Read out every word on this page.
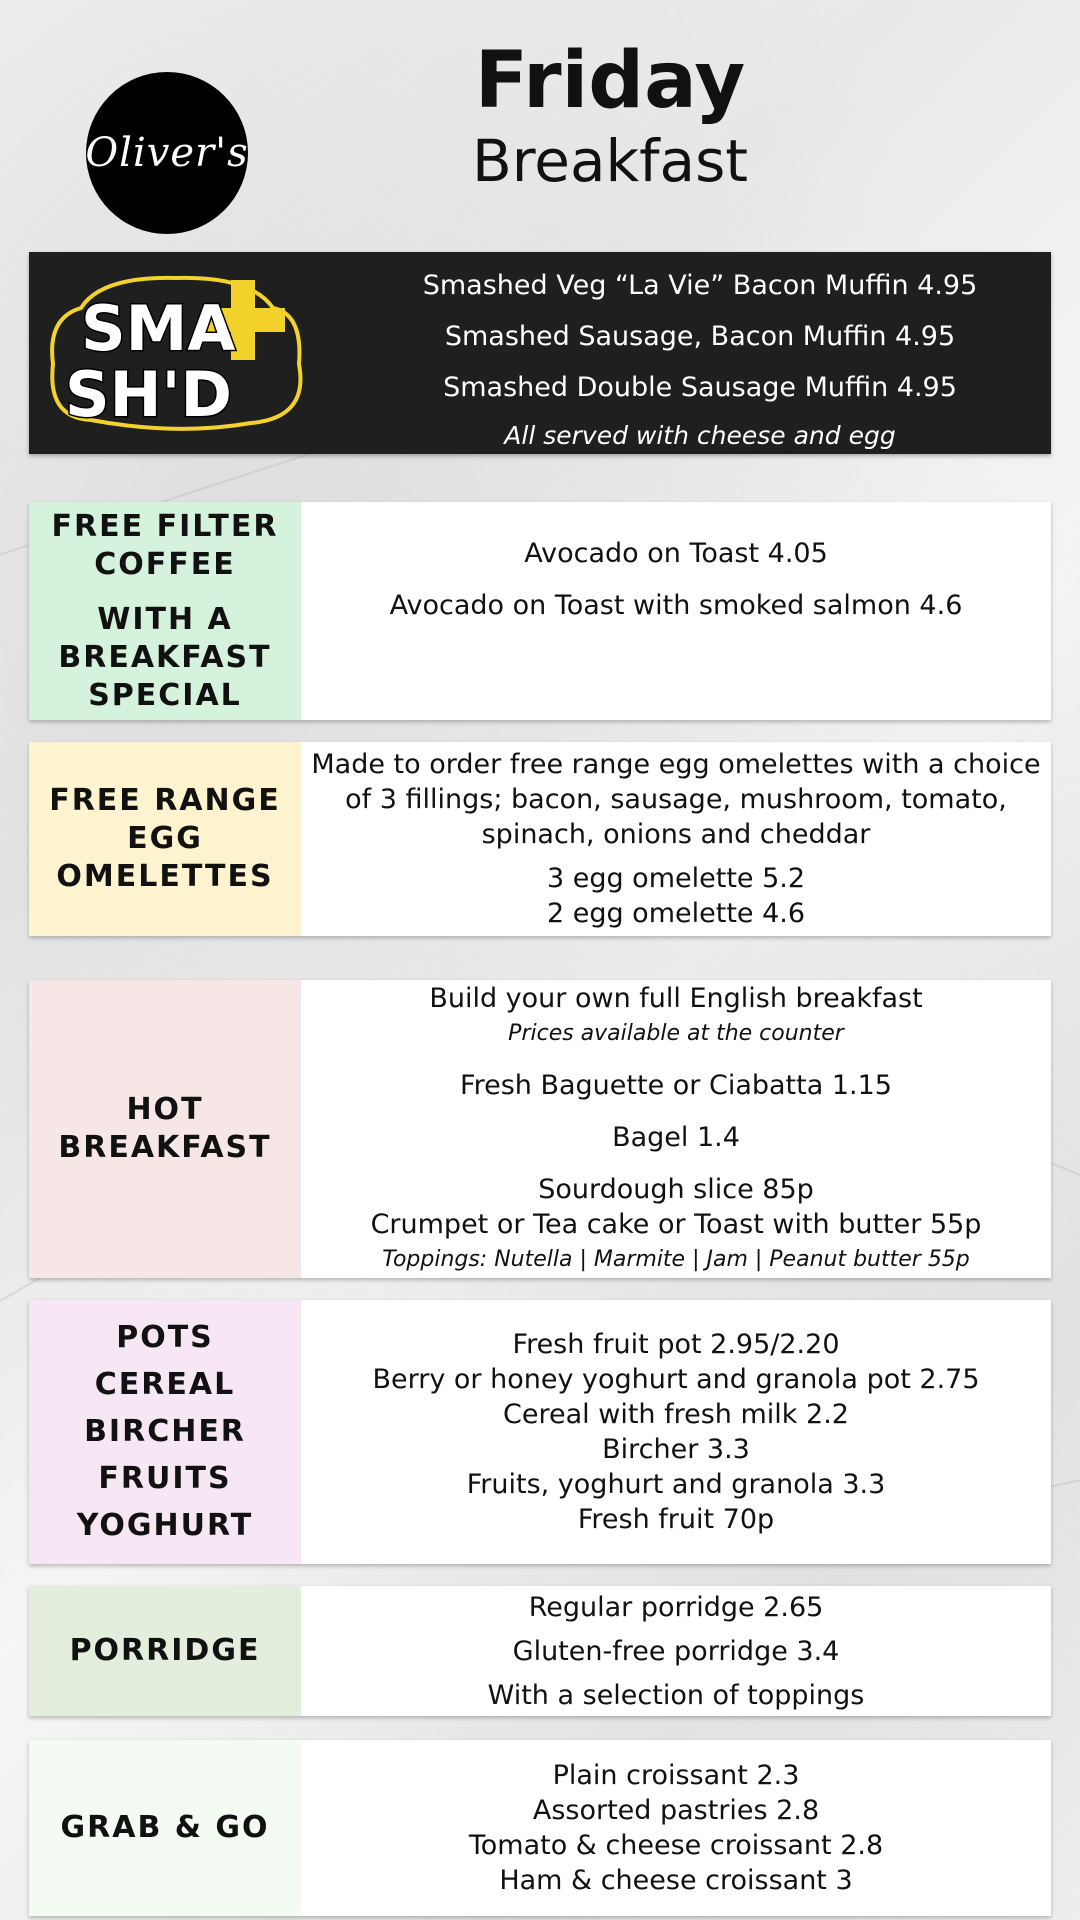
Oliver's
Friday
Breakfast
SMA
SH'D
Smashed Veg “La Vie” Bacon Muffin 4.95
Smashed Sausage, Bacon Muffin 4.95
Smashed Double Sausage Muffin 4.95
All served with cheese and egg
FREE FILTER
COFFEE
WITH A
BREAKFAST
SPECIAL
Avocado on Toast 4.05
Avocado on Toast with smoked salmon 4.6
FREE RANGE
EGG
OMELETTES
Made to order free range egg omelettes with a choice
of 3 fillings; bacon, sausage, mushroom, tomato,
spinach, onions and cheddar
3 egg omelette 5.2
2 egg omelette 4.6
HOT
BREAKFAST
Build your own full English breakfast
Prices available at the counter
Fresh Baguette or Ciabatta 1.15
Bagel 1.4
Sourdough slice 85p
Crumpet or Tea cake or Toast with butter 55p
Toppings: Nutella | Marmite | Jam | Peanut butter 55p
POTS
CEREAL
BIRCHER
FRUITS
YOGHURT
Fresh fruit pot 2.95/2.20
Berry or honey yoghurt and granola pot 2.75
Cereal with fresh milk 2.2
Bircher 3.3
Fruits, yoghurt and granola 3.3
Fresh fruit 70p
PORRIDGE
Regular porridge 2.65
Gluten-free porridge 3.4
With a selection of toppings
GRAB & GO
Plain croissant 2.3
Assorted pastries 2.8
Tomato & cheese croissant 2.8
Ham & cheese croissant 3
